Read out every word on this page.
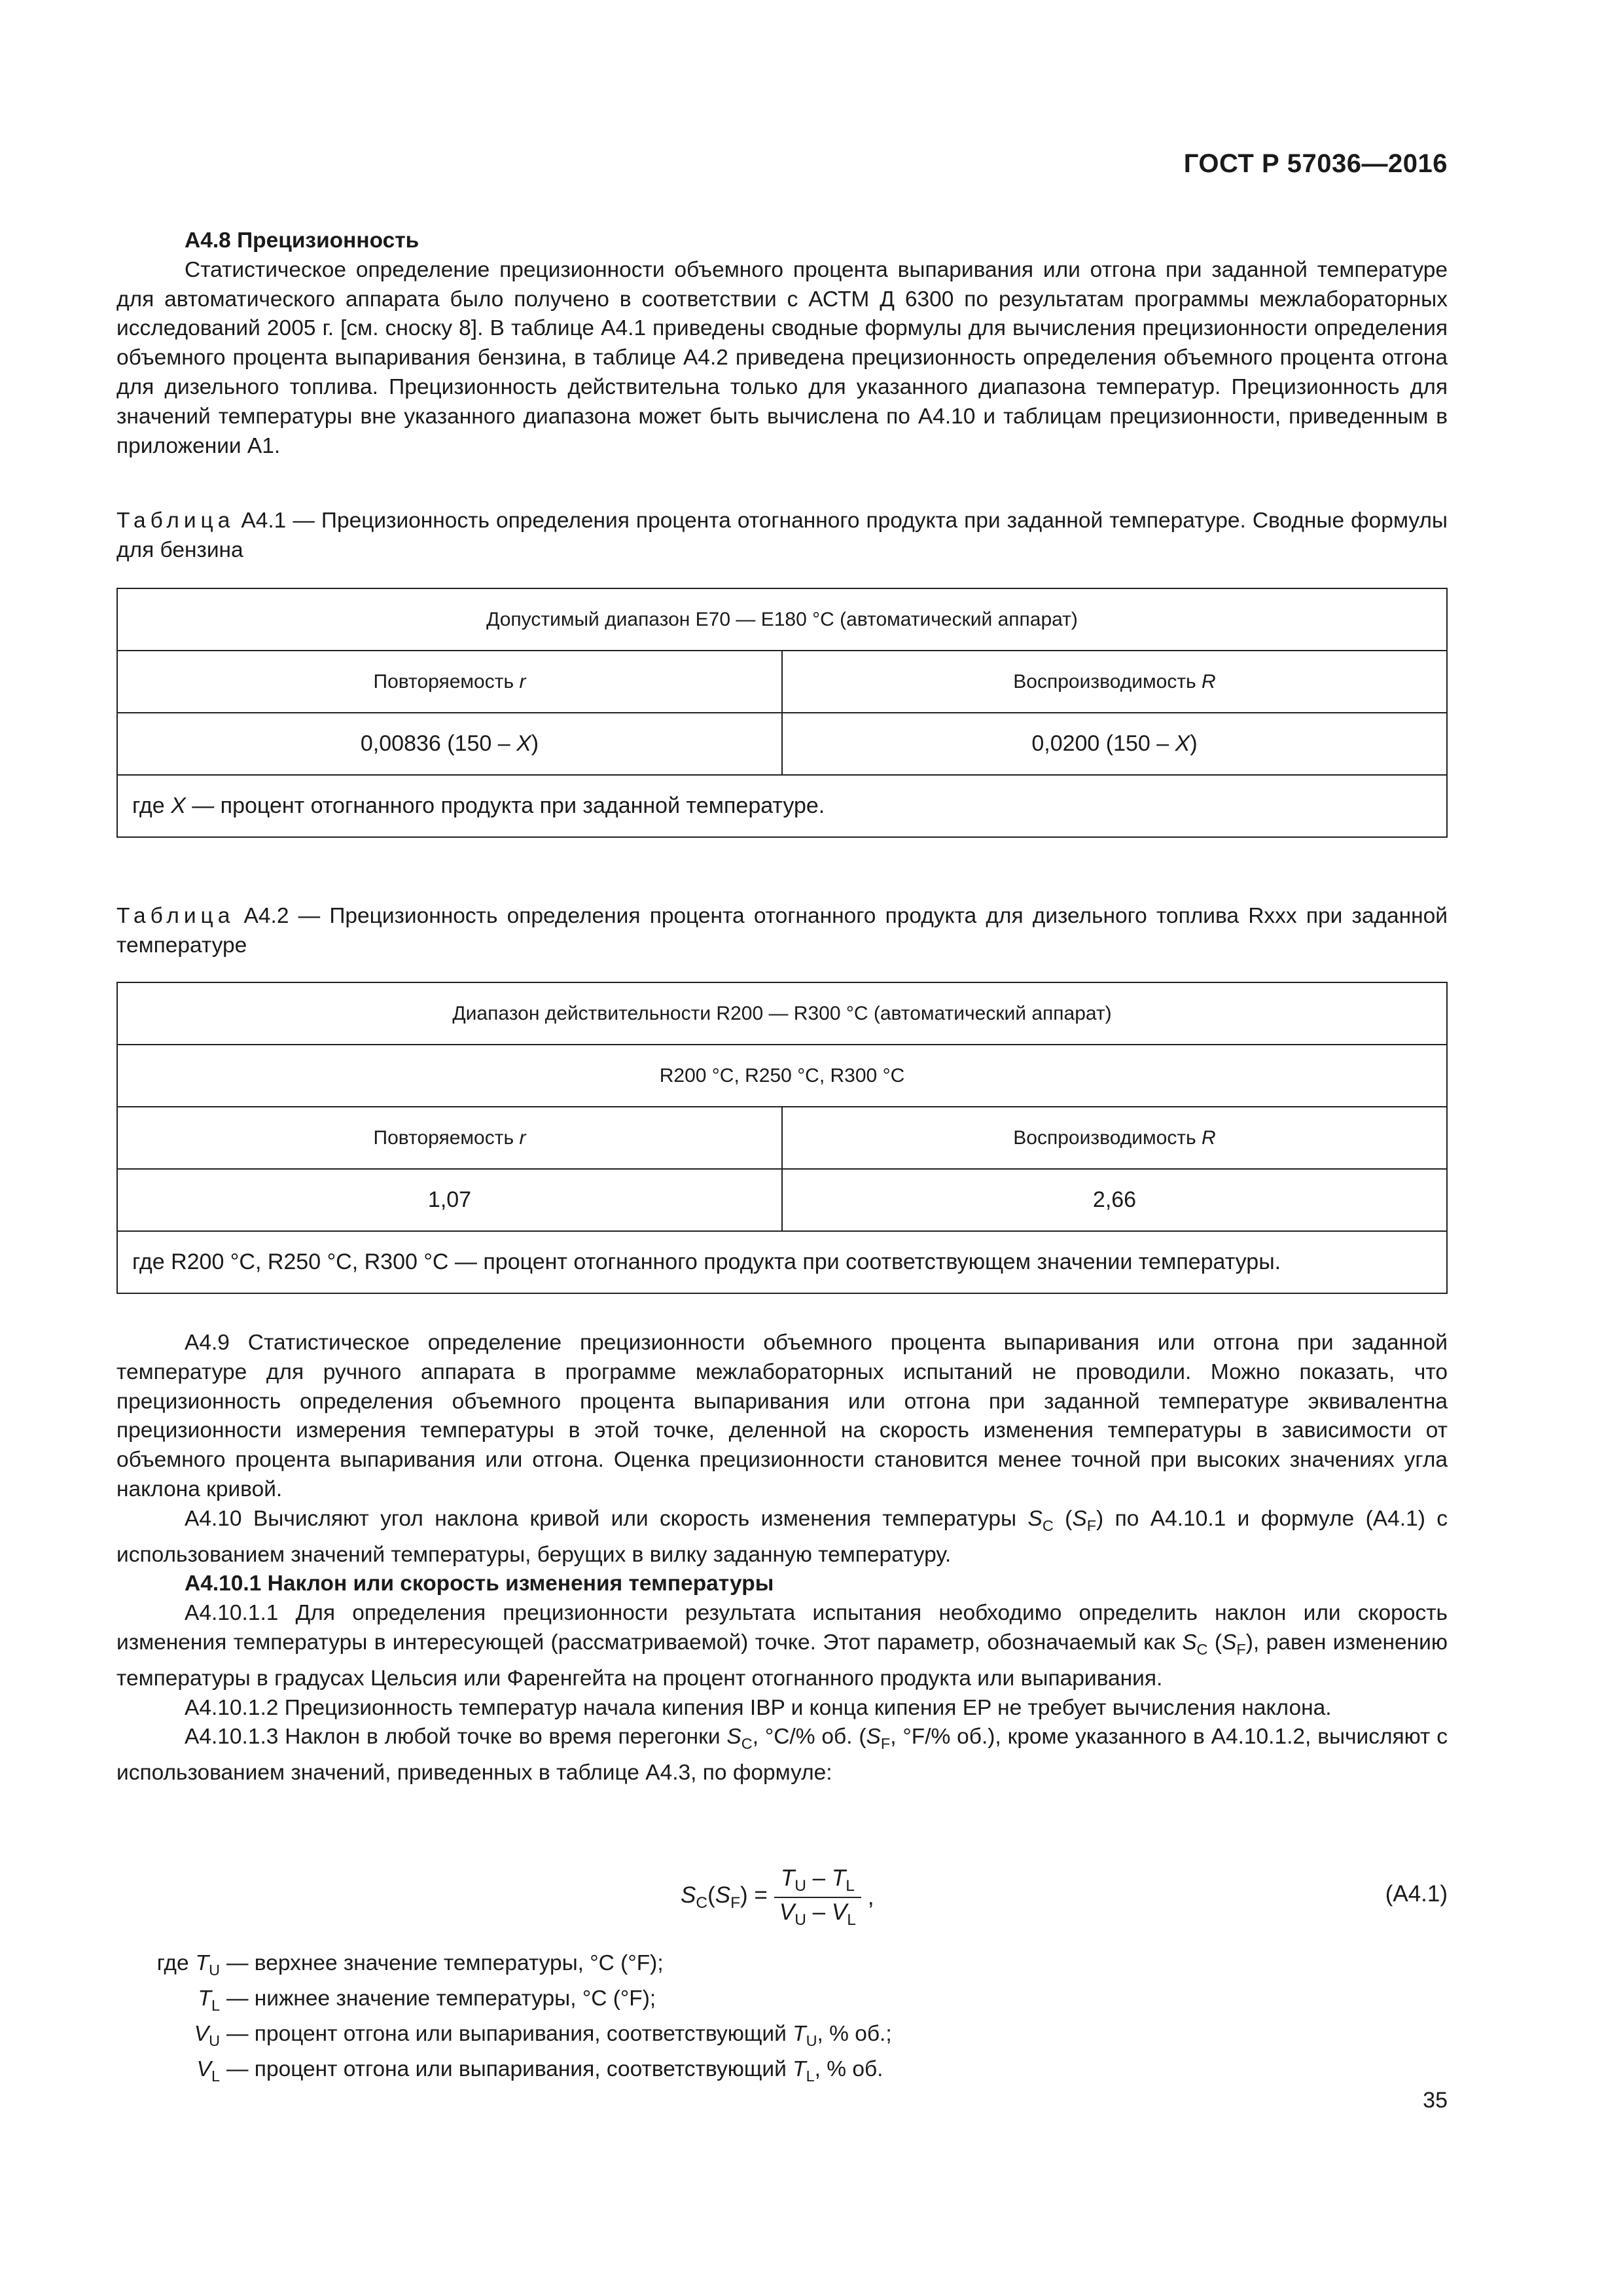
ГОСТ Р 57036—2016
А4.8 Прецизионность
Статистическое определение прецизионности объемного процента выпаривания или отгона при заданной температуре для автоматического аппарата было получено в соответствии с АСТМ Д 6300 по результатам программы межлабораторных исследований 2005 г. [см. сноску 8]. В таблице А4.1 приведены сводные формулы для вычисления прецизионности определения объемного процента выпаривания бензина, в таблице А4.2 приведена прецизионность определения объемного процента отгона для дизельного топлива. Прецизионность действительна только для указанного диапазона температур. Прецизионность для значений температуры вне указанного диапазона может быть вычислена по А4.10 и таблицам прецизионности, приведенным в приложении А1.
Таблица А4.1 — Прецизионность определения процента отогнанного продукта при заданной температуре. Сводные формулы для бензина
Допустимый диапазон E70 — E180 °C (автоматический аппарат)	
Повторяемость r	Воспроизводимость R
0,00836 (150 – X)	0,0200 (150 – X)
где X — процент отогнанного продукта при заданной температуре.	
Таблица А4.2 — Прецизионность определения процента отогнанного продукта для дизельного топлива Rxxx при заданной температуре
Диапазон действительности R200 — R300 °C (автоматический аппарат)	
R200 °C, R250 °C, R300 °C	
Повторяемость r	Воспроизводимость R
1,07	2,66
где R200 °C, R250 °C, R300 °C — процент отогнанного продукта при соответствующем значении температуры.	
А4.9 Статистическое определение прецизионности объемного процента выпаривания или отгона при заданной температуре для ручного аппарата в программе межлабораторных испытаний не проводили. Можно показать, что прецизионность определения объемного процента выпаривания или отгона при заданной температуре эквивалентна прецизионности измерения температуры в этой точке, деленной на скорость изменения температуры в зависимости от объемного процента выпаривания или отгона. Оценка прецизионности становится менее точной при высоких значениях угла наклона кривой.
А4.10 Вычисляют угол наклона кривой или скорость изменения температуры $S_C$ $(S_F)$ по А4.10.1 и формуле (А4.1) с использованием значений температуры, берущих в вилку заданную температуру.
А4.10.1 Наклон или скорость изменения температуры
А4.10.1.1 Для определения прецизионности результата испытания необходимо определить наклон или скорость изменения температуры в интересующей (рассматриваемой) точке. Этот параметр, обозначаемый как $S_C$ $(S_F)$, равен изменению температуры в градусах Цельсия или Фаренгейта на процент отогнанного продукта или выпаривания.
А4.10.1.2 Прецизионность температур начала кипения IBP и конца кипения EP не требует вычисления наклона.
А4.10.1.3 Наклон в любой точке во время перегонки $S_C$, °C/% об. ($S_F$, °F/% об.), кроме указанного в А4.10.1.2, вычисляют с использованием значений, приведенных в таблице А4.3, по формуле:
$S_C(S_F) = \frac{T_U - T_L}{V_U - V_L}$ ,	(А4.1)
где $T_U$ — верхнее значение температуры, °C (°F);
$T_L$ — нижнее значение температуры, °C (°F);
$V_U$ — процент отгона или выпаривания, соответствующий $T_U$, % об.;
$V_L$ — процент отгона или выпаривания, соответствующий $T_L$, % об.
35
